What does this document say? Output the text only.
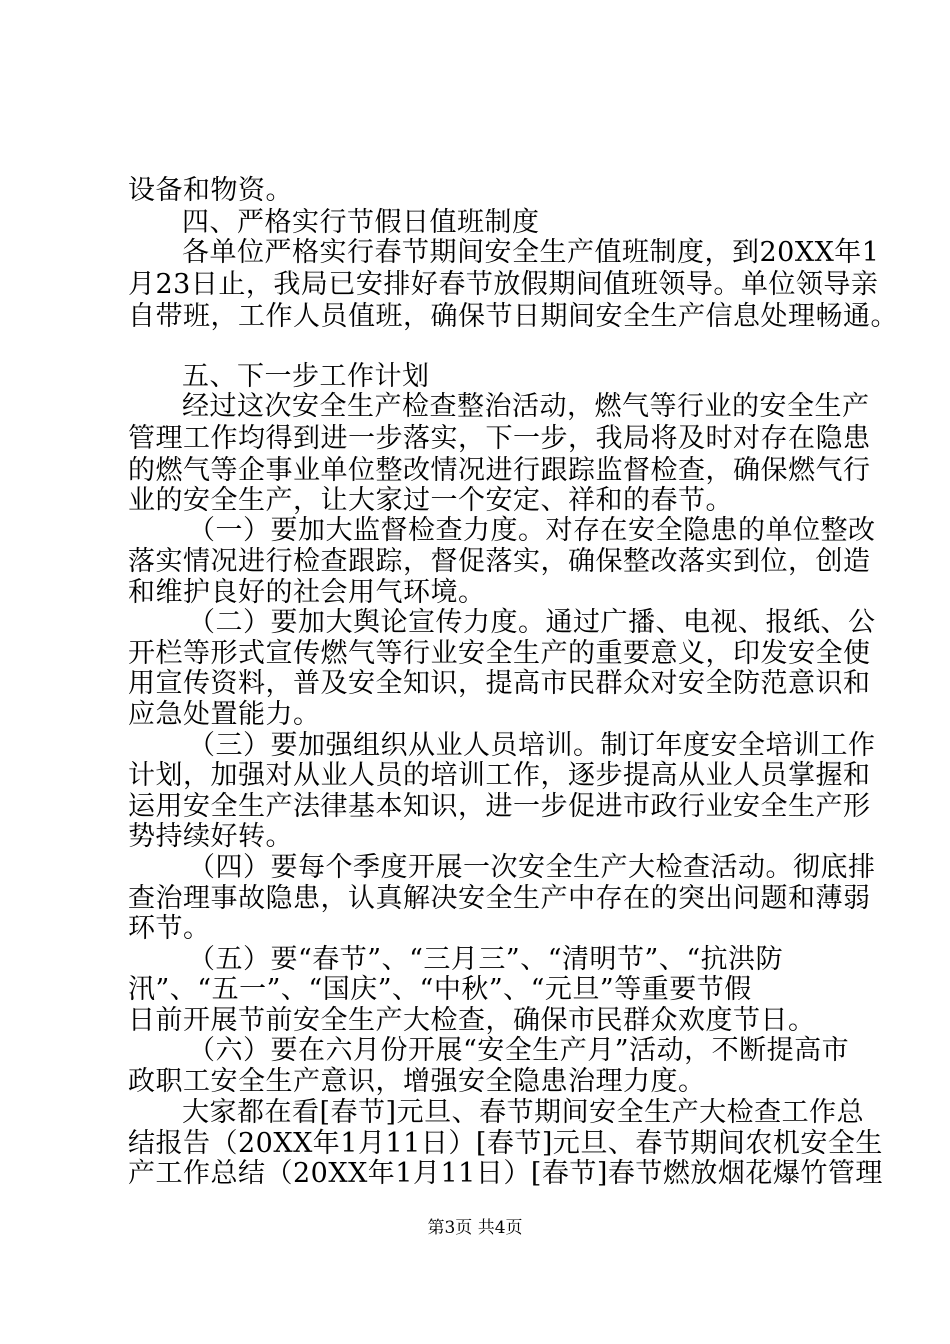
设备和物资。
四、严格实行节假日值班制度
各单位严格实行春节期间安全生产值班制度，到20XX年1
月23日止，我局已安排好春节放假期间值班领导。单位领导亲
自带班，工作人员值班，确保节日期间安全生产信息处理畅通。
五、下一步工作计划
经过这次安全生产检查整治活动，燃气等行业的安全生产
管理工作均得到进一步落实，下一步，我局将及时对存在隐患
的燃气等企事业单位整改情况进行跟踪监督检查，确保燃气行
业的安全生产，让大家过一个安定、祥和的春节。
（一）要加大监督检查力度。对存在安全隐患的单位整改
落实情况进行检查跟踪，督促落实，确保整改落实到位，创造
和维护良好的社会用气环境。
（二）要加大舆论宣传力度。通过广播、电视、报纸、公
开栏等形式宣传燃气等行业安全生产的重要意义，印发安全使
用宣传资料，普及安全知识，提高市民群众对安全防范意识和
应急处置能力。
（三）要加强组织从业人员培训。制订年度安全培训工作
计划，加强对从业人员的培训工作，逐步提高从业人员掌握和
运用安全生产法律基本知识，进一步促进市政行业安全生产形
势持续好转。
（四）要每个季度开展一次安全生产大检查活动。彻底排
查治理事故隐患，认真解决安全生产中存在的突出问题和薄弱
环节。
（五）要“春节”、“三月三”、“清明节”、“抗洪防
汛”、“五一”、“国庆”、“中秋”、“元旦”等重要节假
日前开展节前安全生产大检查，确保市民群众欢度节日。
（六）要在六月份开展“安全生产月”活动，不断提高市
政职工安全生产意识，增强安全隐患治理力度。
大家都在看[春节]元旦、春节期间安全生产大检查工作总
结报告（20XX年1月11日）[春节]元旦、春节期间农机安全生
产工作总结（20XX年1月11日）[春节]春节燃放烟花爆竹管理
第3页 共4页
